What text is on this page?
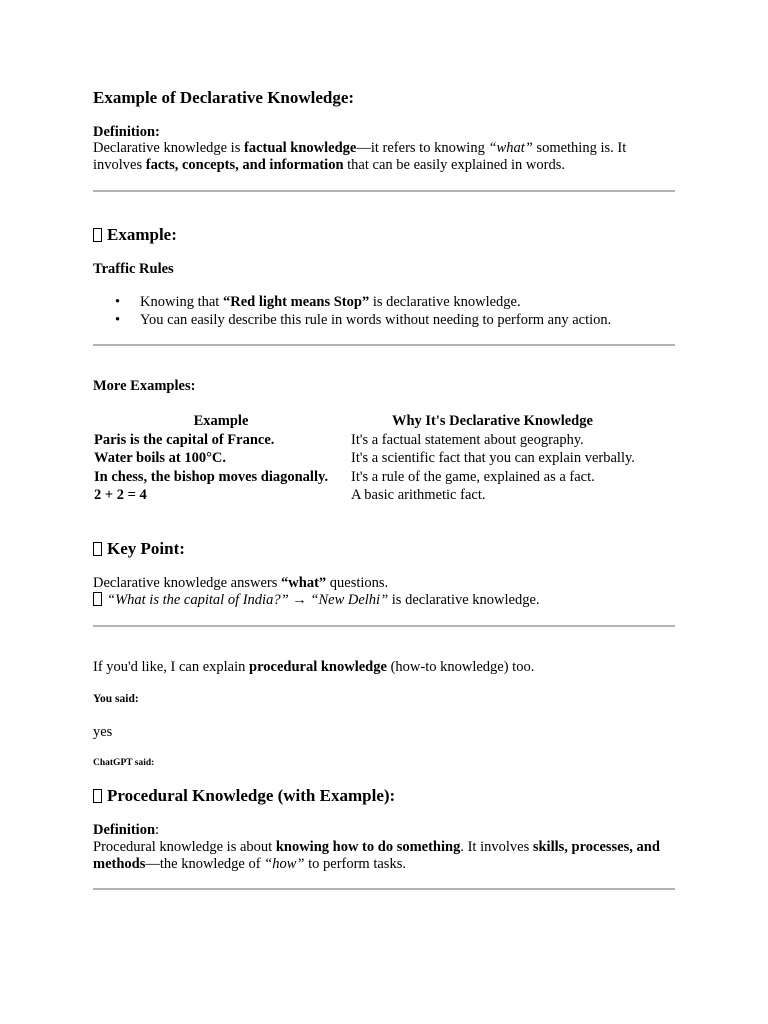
Example of Declarative Knowledge:
Definition:
Declarative knowledge is factual knowledge—it refers to knowing “what” something is. It involves facts, concepts, and information that can be easily explained in words.
Example:
Traffic Rules
• Knowing that “Red light means Stop” is declarative knowledge.
• You can easily describe this rule in words without needing to perform any action.
More Examples:
Example	Why It's Declarative Knowledge
Paris is the capital of France.	It's a factual statement about geography.
Water boils at 100°C.	It's a scientific fact that you can explain verbally.
In chess, the bishop moves diagonally.	It's a rule of the game, explained as a fact.
2 + 2 = 4	A basic arithmetic fact.
Key Point:
Declarative knowledge answers “what” questions.
“What is the capital of India?” → “New Delhi” is declarative knowledge.
If you'd like, I can explain procedural knowledge (how-to knowledge) too.
You said:
yes
ChatGPT said:
Procedural Knowledge (with Example):
Definition:
Procedural knowledge is about knowing how to do something. It involves skills, processes, and methods—the knowledge of “how” to perform tasks.
